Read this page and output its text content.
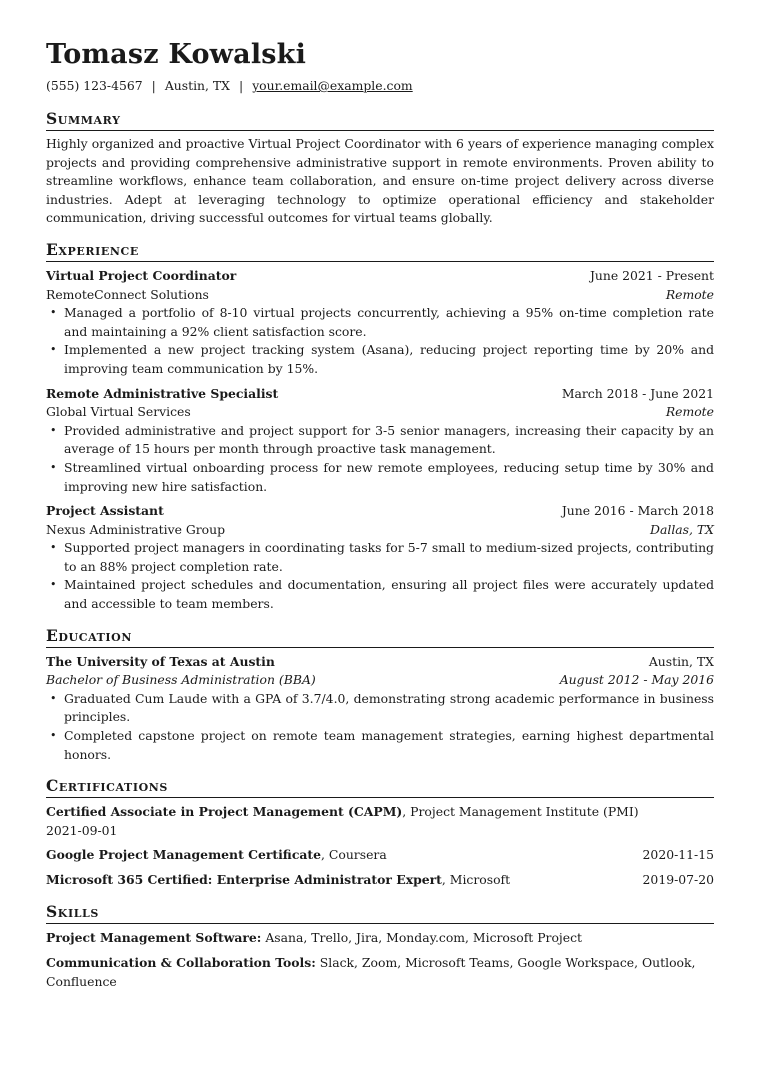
Tomasz Kowalski
(555) 123-4567 | Austin, TX | your.email@example.com
Summary

Highly organized and proactive Virtual Project Coordinator with 6 years of experience managing complex projects and providing comprehensive administrative support in remote environments. Proven ability to streamline workflows, enhance team collaboration, and ensure on-time project delivery across diverse industries. Adept at leveraging technology to optimize operational efficiency and stakeholder communication, driving successful outcomes for virtual teams globally.

Experience
Virtual Project Coordinator	June 2021 - Present
RemoteConnect Solutions	Remote
• Managed a portfolio of 8-10 virtual projects concurrently, achieving a 95% on-time completion rate and maintaining a 92% client satisfaction score.
• Implemented a new project tracking system (Asana), reducing project reporting time by 20% and improving team communication by 15%.
Remote Administrative Specialist	March 2018 - June 2021
Global Virtual Services	Remote
• Provided administrative and project support for 3-5 senior managers, increasing their capacity by an average of 15 hours per month through proactive task management.
• Streamlined virtual onboarding process for new remote employees, reducing setup time by 30% and improving new hire satisfaction.
Project Assistant	June 2016 - March 2018
Nexus Administrative Group	Dallas, TX
• Supported project managers in coordinating tasks for 5-7 small to medium-sized projects, contributing to an 88% project completion rate.
• Maintained project schedules and documentation, ensuring all project files were accurately updated and accessible to team members.
Education
The University of Texas at Austin	Austin, TX
Bachelor of Business Administration (BBA)	August 2012 - May 2016
• Graduated Cum Laude with a GPA of 3.7/4.0, demonstrating strong academic performance in business principles.
• Completed capstone project on remote team management strategies, earning highest departmental honors.
Certifications
Certified Associate in Project Management (CAPM), Project Management Institute (PMI)
2021-09-01
Google Project Management Certificate, Coursera	2020-11-15
Microsoft 365 Certified: Enterprise Administrator Expert, Microsoft	2019-07-20
Skills
Project Management Software: Asana, Trello, Jira, Monday.com, Microsoft Project
Communication & Collaboration Tools: Slack, Zoom, Microsoft Teams, Google Workspace, Outlook, Confluence
